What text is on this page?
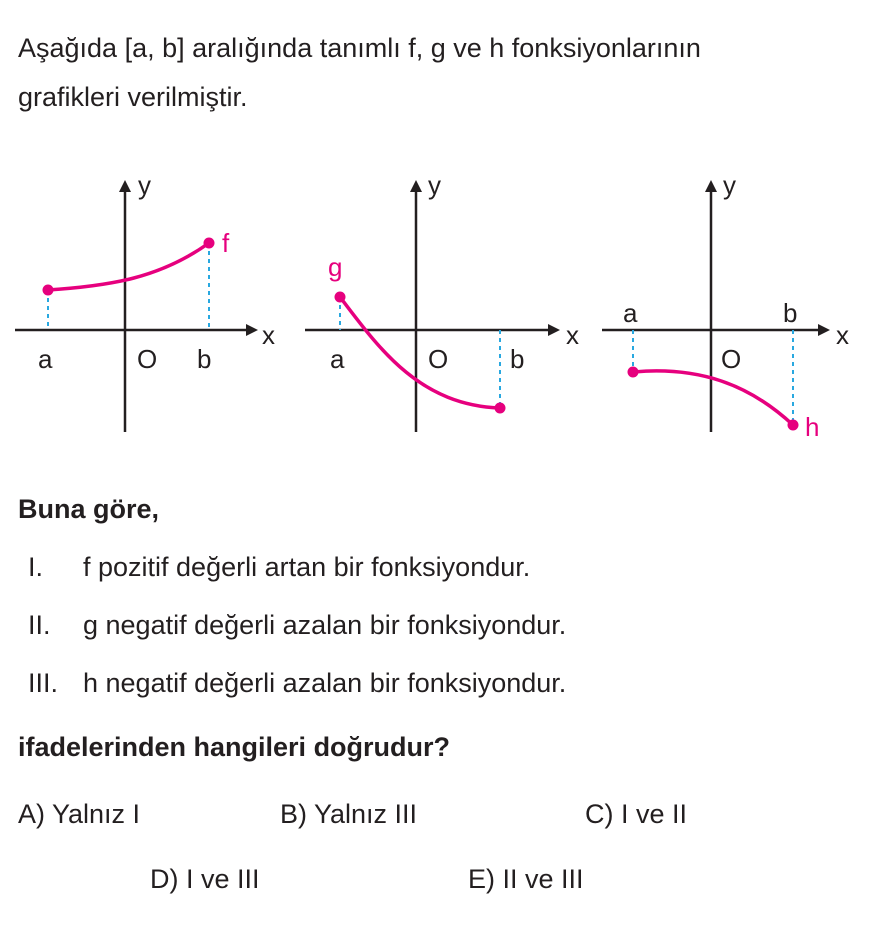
Aşağıda [a, b] aralığında tanımlı f, g ve h fonksiyonlarının

grafikleri verilmiştir.

x
y
O
a	b
f
x
y
O
a	b
g
x
y
O
a	b
h
Buna göre,
I. f pozitif değerli artan bir fonksiyondur.
II. g negatif değerli azalan bir fonksiyondur.
III. h negatif değerli azalan bir fonksiyondur.
ifadelerinden hangileri doğrudur?
A) Yalnız I	B) Yalnız III	C) I ve II
D) I ve III	E) II ve III
